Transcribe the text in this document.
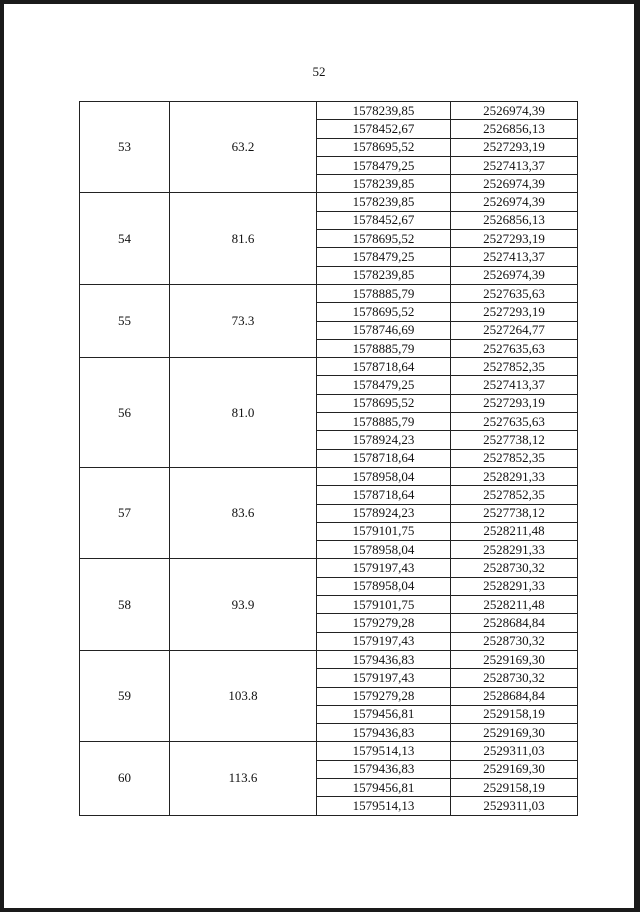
52
53	63.2	1578239,85	2526974,39
		1578452,67	2526856,13
		1578695,52	2527293,19
		1578479,25	2527413,37
		1578239,85	2526974,39
54	81.6	1578239,85	2526974,39
		1578452,67	2526856,13
		1578695,52	2527293,19
		1578479,25	2527413,37
		1578239,85	2526974,39
55	73.3	1578885,79	2527635,63
		1578695,52	2527293,19
		1578746,69	2527264,77
		1578885,79	2527635,63
56	81.0	1578718,64	2527852,35
		1578479,25	2527413,37
		1578695,52	2527293,19
		1578885,79	2527635,63
		1578924,23	2527738,12
		1578718,64	2527852,35
57	83.6	1578958,04	2528291,33
		1578718,64	2527852,35
		1578924,23	2527738,12
		1579101,75	2528211,48
		1578958,04	2528291,33
58	93.9	1579197,43	2528730,32
		1578958,04	2528291,33
		1579101,75	2528211,48
		1579279,28	2528684,84
		1579197,43	2528730,32
59	103.8	1579436,83	2529169,30
		1579197,43	2528730,32
		1579279,28	2528684,84
		1579456,81	2529158,19
		1579436,83	2529169,30
60	113.6	1579514,13	2529311,03
		1579436,83	2529169,30
		1579456,81	2529158,19
		1579514,13	2529311,03
